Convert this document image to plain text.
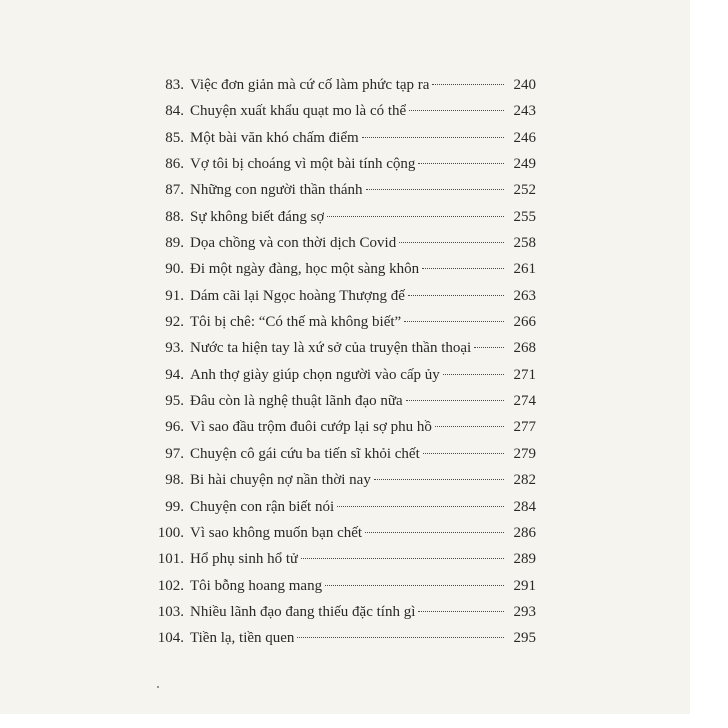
83. Việc đơn giản mà cứ cố làm phức tạp ra	240
84. Chuyện xuất khẩu quạt mo là có thể	243
85. Một bài văn khó chấm điểm	246
86. Vợ tôi bị choáng vì một bài tính cộng	249
87. Những con người thần thánh	252
88. Sự không biết đáng sợ	255
89. Dọa chồng và con thời dịch Covid	258
90. Đi một ngày đàng, học một sàng khôn	261
91. Dám cãi lại Ngọc hoàng Thượng đế	263
92. Tôi bị chê: “Có thế mà không biết”	266
93. Nước ta hiện tay là xứ sở của truyện thần thoại	268
94. Anh thợ giày giúp chọn người vào cấp ủy	271
95. Đâu còn là nghệ thuật lãnh đạo nữa	274
96. Vì sao đầu trộm đuôi cướp lại sợ phu hồ	277
97. Chuyện cô gái cứu ba tiến sĩ khỏi chết	279
98. Bi hài chuyện nợ nần thời nay	282
99. Chuyện con rận biết nói	284
100. Vì sao không muốn bạn chết	286
101. Hổ phụ sinh hổ tử	289
102. Tôi bỗng hoang mang	291
103. Nhiều lãnh đạo đang thiếu đặc tính gì	293
104. Tiền lạ, tiền quen	295
